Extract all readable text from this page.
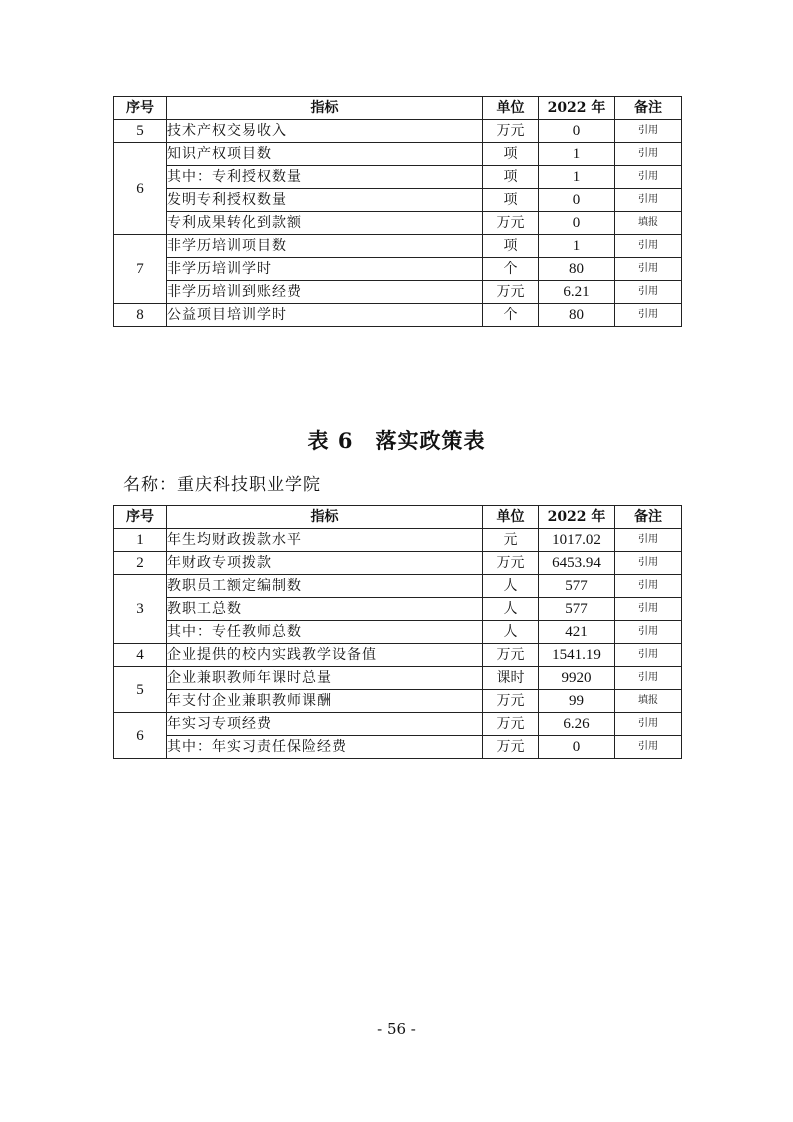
序号	指标	单位	2022 年	备注
5	技术产权交易收入	万元	0	引用
6	知识产权项目数	项	1	引用
	其中：专利授权数量	项	1	引用
	发明专利授权数量	项	0	引用
	专利成果转化到款额	万元	0	填报
7	非学历培训项目数	项	1	引用
	非学历培训学时	个	80	引用
	非学历培训到账经费	万元	6.21	引用
8	公益项目培训学时	个	80	引用
表 6　落实政策表
名称：重庆科技职业学院
序号	指标	单位	2022 年	备注
1	年生均财政拨款水平	元	1017.02	引用
2	年财政专项拨款	万元	6453.94	引用
3	教职员工额定编制数	人	577	引用
	教职工总数	人	577	引用
	其中：专任教师总数	人	421	引用
4	企业提供的校内实践教学设备值	万元	1541.19	引用
5	企业兼职教师年课时总量	课时	9920	引用
	年支付企业兼职教师课酬	万元	99	填报
6	年实习专项经费	万元	6.26	引用
	其中：年实习责任保险经费	万元	0	引用
- 56 -
